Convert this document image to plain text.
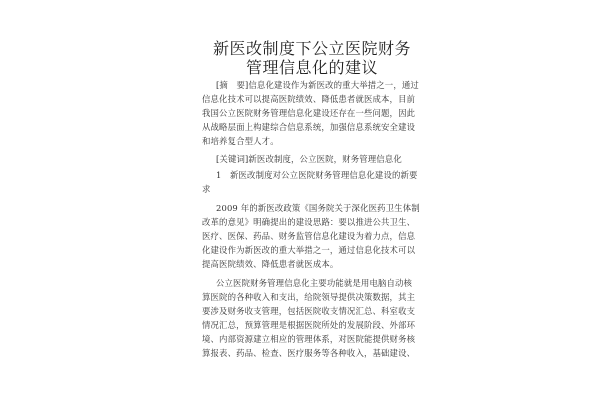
新医改制度下公立医院财务
管理信息化的建议
[摘　要]信息化建设作为新医改的重大举措之一，通过
信息化技术可以提高医院绩效、降低患者就医成本，目前
我国公立医院财务管理信息化建设还存在一些问题，因此
从战略层面上构建综合信息系统，加强信息系统安全建设
和培养复合型人才。
[关键词]新医改制度，公立医院，财务管理信息化
1　新医改制度对公立医院财务管理信息化建设的新要
求
2009 年的新医改政策《国务院关于深化医药卫生体制
改革的意见》明确提出的建设思路：要以推进公共卫生、
医疗、医保、药品、财务监管信息化建设为着力点，信息
化建设作为新医改的重大举措之一，通过信息化技术可以
提高医院绩效、降低患者就医成本。
公立医院财务管理信息化主要功能就是用电脑自动核
算医院的各种收入和支出，给院领导提供决策数据，其主
要涉及财务收支管理，包括医院收支情况汇总、科室收支
情况汇总，预算管理是根据医院所处的发展阶段、外部环
境、内部资源建立相应的管理体系，对医院能提供财务核
算报表、药品、检查、医疗服务等各种收入，基础建设、
